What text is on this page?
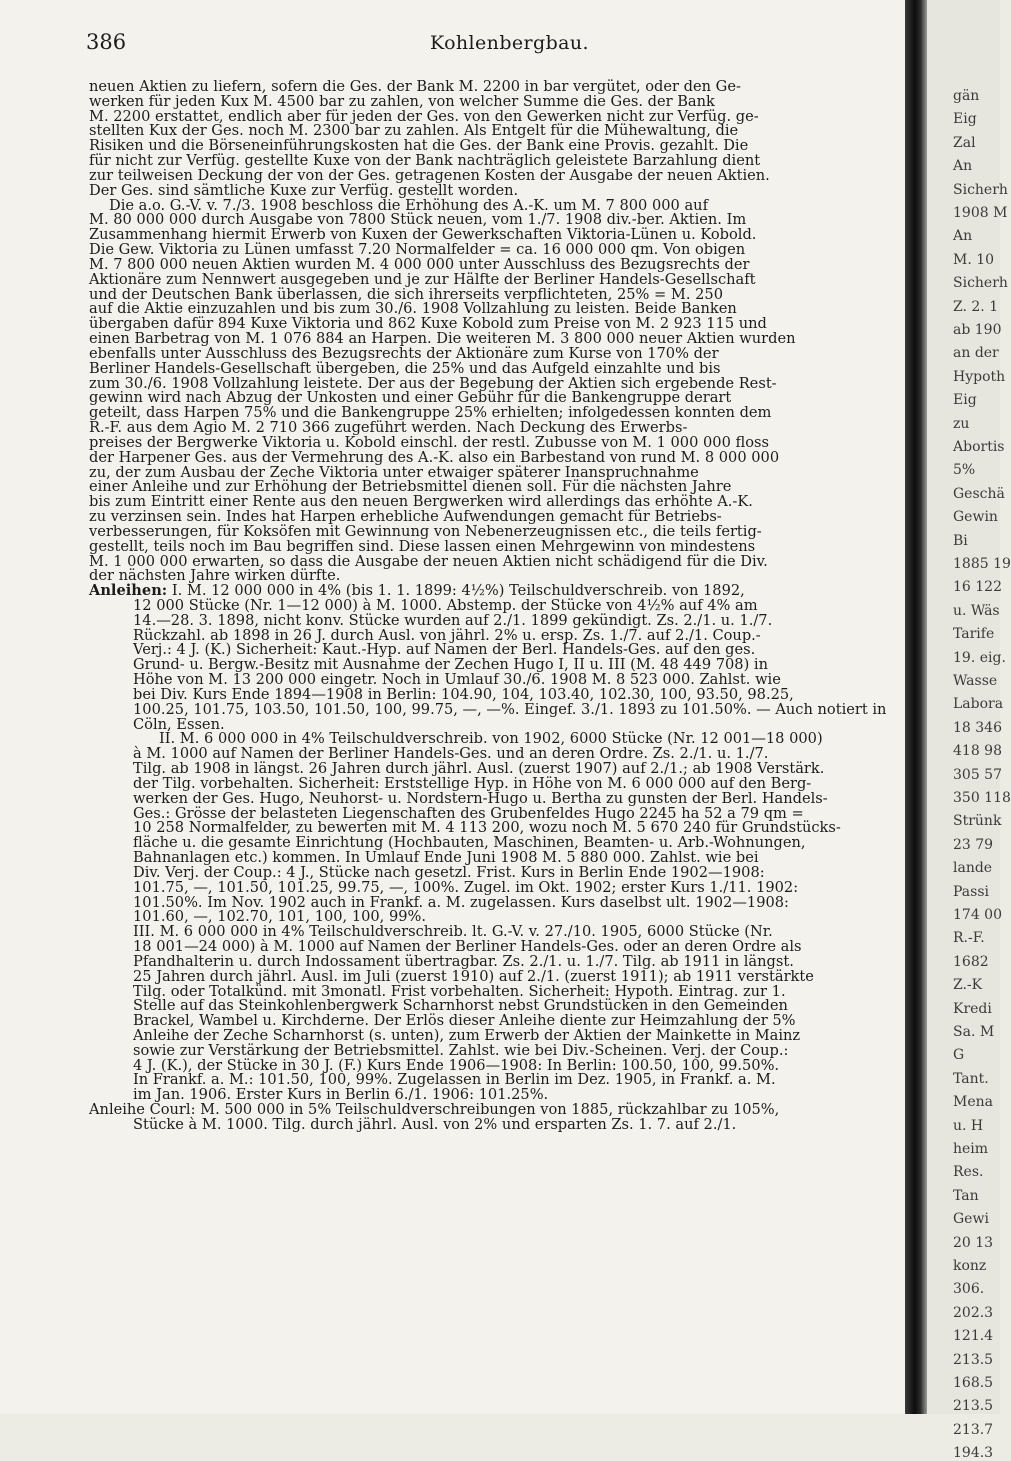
386	Kohlenbergbau.
neuen Aktien zu liefern, sofern die Ges. der Bank M. 2200 in bar vergütet, oder den Ge-
werken für jeden Kux M. 4500 bar zu zahlen, von welcher Summe die Ges. der Bank
M. 2200 erstattet, endlich aber für jeden der Ges. von den Gewerken nicht zur Verfüg. ge-
stellten Kux der Ges. noch M. 2300 bar zu zahlen. Als Entgelt für die Mühewaltung, die
Risiken und die Börseneinführungskosten hat die Ges. der Bank eine Provis. gezahlt. Die
für nicht zur Verfüg. gestellte Kuxe von der Bank nachträglich geleistete Barzahlung dient
zur teilweisen Deckung der von der Ges. getragenen Kosten der Ausgabe der neuen Aktien.
Der Ges. sind sämtliche Kuxe zur Verfüg. gestellt worden.
Die a.o. G.-V. v. 7./3. 1908 beschloss die Erhöhung des A.-K. um M. 7 800 000 auf
M. 80 000 000 durch Ausgabe von 7800 Stück neuen, vom 1./7. 1908 div.-ber. Aktien. Im
Zusammenhang hiermit Erwerb von Kuxen der Gewerkschaften Viktoria-Lünen u. Kobold.
Die Gew. Viktoria zu Lünen umfasst 7.20 Normalfelder = ca. 16 000 000 qm. Von obigen
M. 7 800 000 neuen Aktien wurden M. 4 000 000 unter Ausschluss des Bezugsrechts der
Aktionäre zum Nennwert ausgegeben und je zur Hälfte der Berliner Handels-Gesellschaft
und der Deutschen Bank überlassen, die sich ihrerseits verpflichteten, 25% = M. 250
auf die Aktie einzuzahlen und bis zum 30./6. 1908 Vollzahlung zu leisten. Beide Banken
übergaben dafür 894 Kuxe Viktoria und 862 Kuxe Kobold zum Preise von M. 2 923 115 und
einen Barbetrag von M. 1 076 884 an Harpen. Die weiteren M. 3 800 000 neuer Aktien wurden
ebenfalls unter Ausschluss des Bezugsrechts der Aktionäre zum Kurse von 170% der
Berliner Handels-Gesellschaft übergeben, die 25% und das Aufgeld einzahlte und bis
zum 30./6. 1908 Vollzahlung leistete. Der aus der Begebung der Aktien sich ergebende Rest-
gewinn wird nach Abzug der Unkosten und einer Gebühr für die Bankengruppe derart
geteilt, dass Harpen 75% und die Bankengruppe 25% erhielten; infolgedessen konnten dem
R.-F. aus dem Agio M. 2 710 366 zugeführt werden. Nach Deckung des Erwerbs-
preises der Bergwerke Viktoria u. Kobold einschl. der restl. Zubusse von M. 1 000 000 floss
der Harpener Ges. aus der Vermehrung des A.-K. also ein Barbestand von rund M. 8 000 000
zu, der zum Ausbau der Zeche Viktoria unter etwaiger späterer Inanspruchnahme
einer Anleihe und zur Erhöhung der Betriebsmittel dienen soll. Für die nächsten Jahre
bis zum Eintritt einer Rente aus den neuen Bergwerken wird allerdings das erhöhte A.-K.
zu verzinsen sein. Indes hat Harpen erhebliche Aufwendungen gemacht für Betriebs-
verbesserungen, für Koksöfen mit Gewinnung von Nebenerzeugnissen etc., die teils fertig-
gestellt, teils noch im Bau begriffen sind. Diese lassen einen Mehrgewinn von mindestens
M. 1 000 000 erwarten, so dass die Ausgabe der neuen Aktien nicht schädigend für die Div.
der nächsten Jahre wirken dürfte.
Anleihen: I. M. 12 000 000 in 4% (bis 1. 1. 1899: 4½%) Teilschuldverschreib. von 1892,
12 000 Stücke (Nr. 1—12 000) à M. 1000. Abstemp. der Stücke von 4½% auf 4% am
14.—28. 3. 1898, nicht konv. Stücke wurden auf 2./1. 1899 gekündigt. Zs. 2./1. u. 1./7.
Rückzahl. ab 1898 in 26 J. durch Ausl. von jährl. 2% u. ersp. Zs. 1./7. auf 2./1. Coup.-
Verj.: 4 J. (K.) Sicherheit: Kaut.-Hyp. auf Namen der Berl. Handels-Ges. auf den ges.
Grund- u. Bergw.-Besitz mit Ausnahme der Zechen Hugo I, II u. III (M. 48 449 708) in
Höhe von M. 13 200 000 eingetr. Noch in Umlauf 30./6. 1908 M. 8 523 000. Zahlst. wie
bei Div. Kurs Ende 1894—1908 in Berlin: 104.90, 104, 103.40, 102.30, 100, 93.50, 98.25,
100.25, 101.75, 103.50, 101.50, 100, 99.75, —, —%. Eingef. 3./1. 1893 zu 101.50%. — Auch notiert in
Cöln, Essen.
II. M. 6 000 000 in 4% Teilschuldverschreib. von 1902, 6000 Stücke (Nr. 12 001—18 000)
à M. 1000 auf Namen der Berliner Handels-Ges. und an deren Ordre. Zs. 2./1. u. 1./7.
Tilg. ab 1908 in längst. 26 Jahren durch jährl. Ausl. (zuerst 1907) auf 2./1.; ab 1908 Verstärk.
der Tilg. vorbehalten. Sicherheit: Erststellige Hyp. in Höhe von M. 6 000 000 auf den Berg-
werken der Ges. Hugo, Neuhorst- u. Nordstern-Hugo u. Bertha zu gunsten der Berl. Handels-
Ges.: Grösse der belasteten Liegenschaften des Grubenfeldes Hugo 2245 ha 52 a 79 qm =
10 258 Normalfelder, zu bewerten mit M. 4 113 200, wozu noch M. 5 670 240 für Grundstücks-
fläche u. die gesamte Einrichtung (Hochbauten, Maschinen, Beamten- u. Arb.-Wohnungen,
Bahnanlagen etc.) kommen. In Umlauf Ende Juni 1908 M. 5 880 000. Zahlst. wie bei
Div. Verj. der Coup.: 4 J., Stücke nach gesetzl. Frist. Kurs in Berlin Ende 1902—1908:
101.75, —, 101.50, 101.25, 99.75, —, 100%. Zugel. im Okt. 1902; erster Kurs 1./11. 1902:
101.50%. Im Nov. 1902 auch in Frankf. a. M. zugelassen. Kurs daselbst ult. 1902—1908:
101.60, —, 102.70, 101, 100, 100, 99%.
III. M. 6 000 000 in 4% Teilschuldverschreib. lt. G.-V. v. 27./10. 1905, 6000 Stücke (Nr.
18 001—24 000) à M. 1000 auf Namen der Berliner Handels-Ges. oder an deren Ordre als
Pfandhalterin u. durch Indossament übertragbar. Zs. 2./1. u. 1./7. Tilg. ab 1911 in längst.
25 Jahren durch jährl. Ausl. im Juli (zuerst 1910) auf 2./1. (zuerst 1911); ab 1911 verstärkte
Tilg. oder Totalkünd. mit 3monatl. Frist vorbehalten. Sicherheit: Hypoth. Eintrag. zur 1.
Stelle auf das Steinkohlenbergwerk Scharnhorst nebst Grundstücken in den Gemeinden
Brackel, Wambel u. Kirchderne. Der Erlös dieser Anleihe diente zur Heimzahlung der 5%
Anleihe der Zeche Scharnhorst (s. unten), zum Erwerb der Aktien der Mainkette in Mainz
sowie zur Verstärkung der Betriebsmittel. Zahlst. wie bei Div.-Scheinen. Verj. der Coup.:
4 J. (K.), der Stücke in 30 J. (F.) Kurs Ende 1906—1908: In Berlin: 100.50, 100, 99.50%.
In Frankf. a. M.: 101.50, 100, 99%. Zugelassen in Berlin im Dez. 1905, in Frankf. a. M.
im Jan. 1906. Erster Kurs in Berlin 6./1. 1906: 101.25%.
Anleihe Courl: M. 500 000 in 5% Teilschuldverschreibungen von 1885, rückzahlbar zu 105%,
Stücke à M. 1000. Tilg. durch jährl. Ausl. von 2% und ersparten Zs. 1. 7. auf 2./1.
gän
Eig
Zal
An
Sicherh
1908 M
An
M. 10
Sicherh
Z. 2. 1
ab 190
an der
Hypoth
Eig
zu
Abortis
5%
Geschä
Gewin
Bi
1885 19
16 122
u. Wäs
Tarife
19. eig.
Wasse
Labora
18 346
418 98
305 57
350 118
Strünk
23 79
lande
Passi
174 00
R.-F.
1682
Z.-K
Kredi
Sa. M
G
Tant.
Mena
u. H
heim
Res.
Tan
Gewi
20 13
konz
306.
202.3
121.4
213.5
168.5
213.5
213.7
194.3
